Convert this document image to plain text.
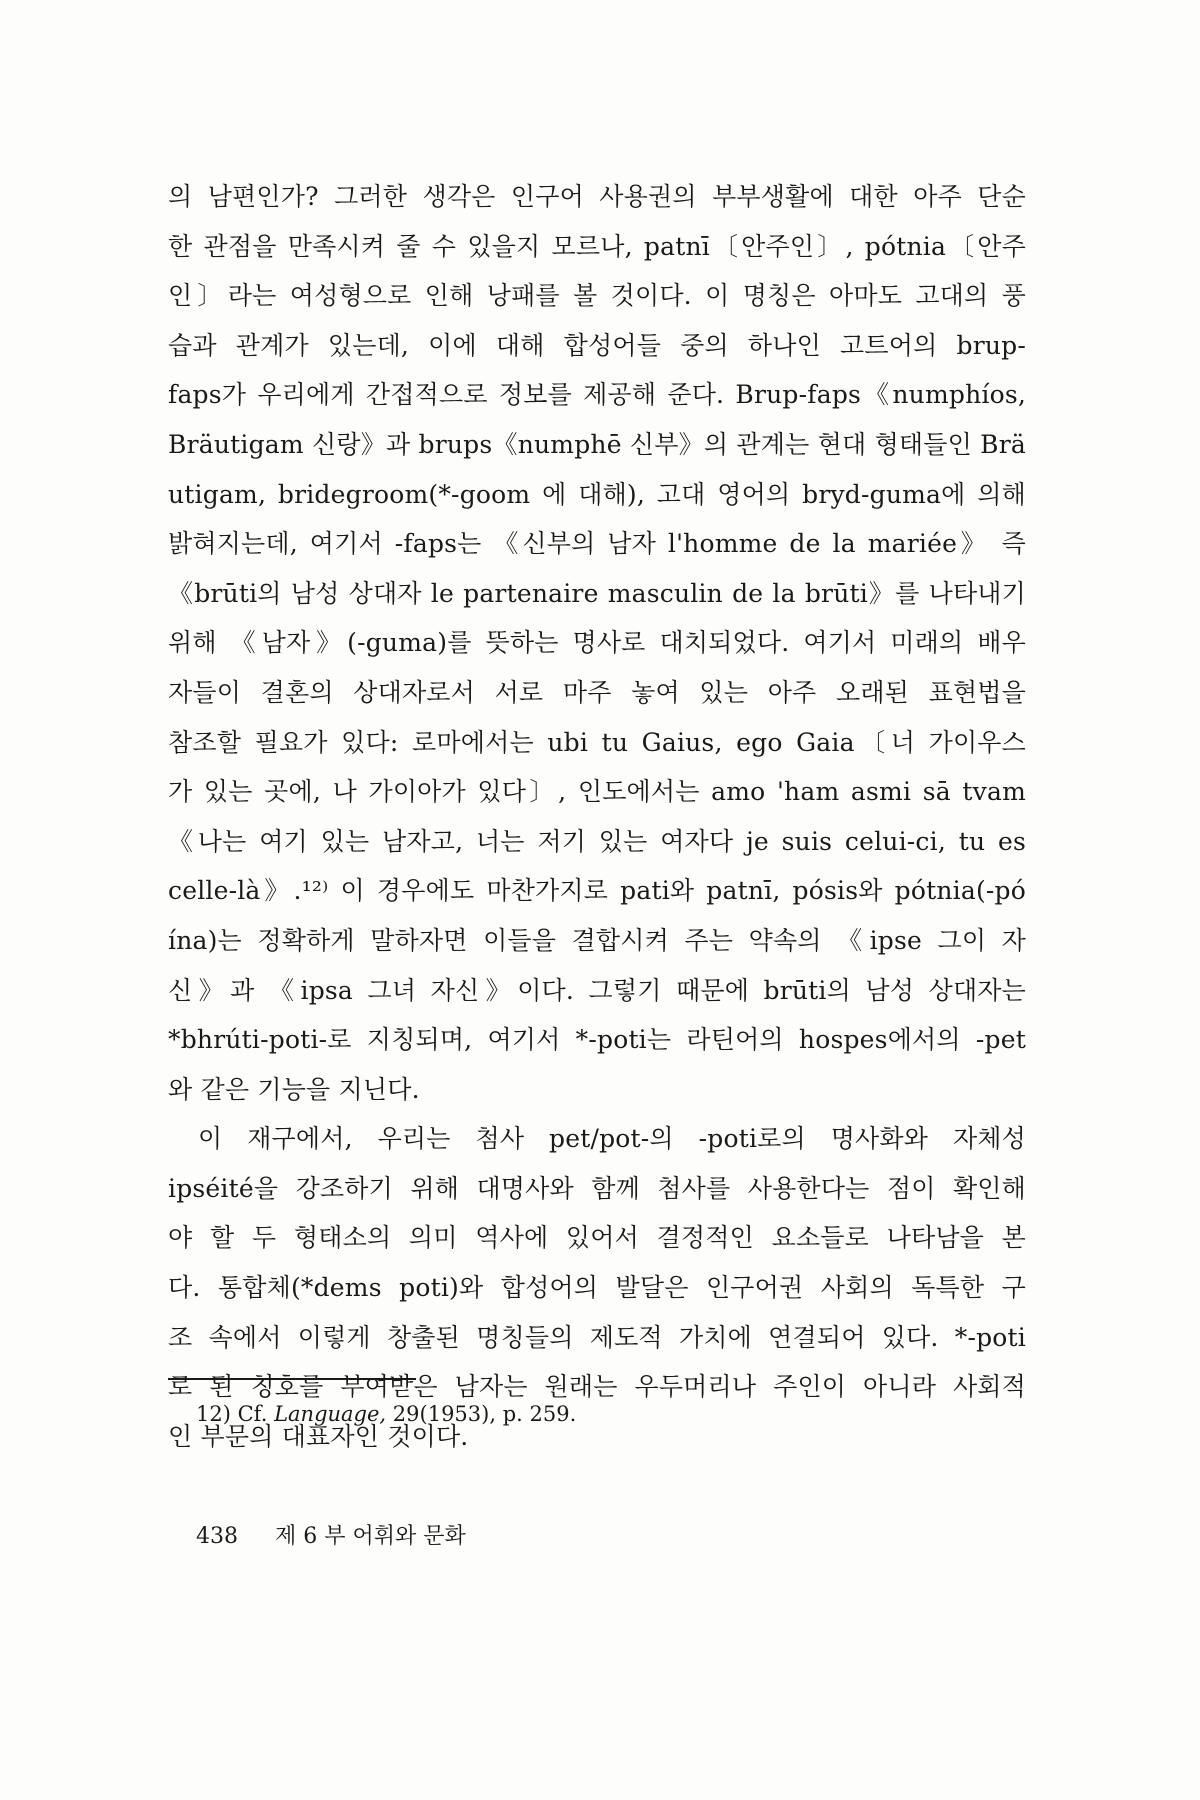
의 남편인가? 그러한 생각은 인구어 사용권의 부부생활에 대한 아주 단순
한 관점을 만족시켜 줄 수 있을지 모르나, patnī〔안주인〕, pótnia〔안주
인〕라는 여성형으로 인해 낭패를 볼 것이다. 이 명칭은 아마도 고대의 풍
습과 관계가 있는데, 이에 대해 합성어들 중의 하나인 고트어의 brup-
faps가 우리에게 간접적으로 정보를 제공해 준다. Brup-faps《numphíos,
Bräutigam 신랑》과 brups《numphē 신부》의 관계는 현대 형태들인 Brä
utigam, bridegroom(*-goom 에 대해), 고대 영어의 bryd-guma에 의해
밝혀지는데, 여기서 -faps는 《신부의 남자 l'homme de la mariée》 즉
《brūti의 남성 상대자 le partenaire masculin de la brūti》를 나타내기
위해 《남자》(-guma)를 뜻하는 명사로 대치되었다. 여기서 미래의 배우
자들이 결혼의 상대자로서 서로 마주 놓여 있는 아주 오래된 표현법을
참조할 필요가 있다: 로마에서는 ubi tu Gaius, ego Gaia〔너 가이우스
가 있는 곳에, 나 가이아가 있다〕, 인도에서는 amo 'ham asmi sā tvam
《나는 여기 있는 남자고, 너는 저기 있는 여자다 je suis celui-ci, tu es
celle-là》.¹²⁾ 이 경우에도 마찬가지로 pati와 patnī, pósis와 pótnia(-pó
ína)는 정확하게 말하자면 이들을 결합시켜 주는 약속의 《ipse 그이 자
신》과 《ipsa 그녀 자신》이다. 그렇기 때문에 brūti의 남성 상대자는
*bhrúti-poti-로 지칭되며, 여기서 *-poti는 라틴어의 hospes에서의 -pet
와 같은 기능을 지닌다.
이 재구에서, 우리는 첨사 pet/pot-의 -poti로의 명사화와 자체성
ipséité을 강조하기 위해 대명사와 함께 첨사를 사용한다는 점이 확인해
야 할 두 형태소의 의미 역사에 있어서 결정적인 요소들로 나타남을 본
다. 통합체(*dems poti)와 합성어의 발달은 인구어권 사회의 독특한 구
조 속에서 이렇게 창출된 명칭들의 제도적 가치에 연결되어 있다. *-poti
로 된 칭호를 부여받은 남자는 원래는 우두머리나 주인이 아니라 사회적
인 부문의 대표자인 것이다.
12) Cf. Language, 29(1953), p. 259.
438 제 6 부 어휘와 문화
